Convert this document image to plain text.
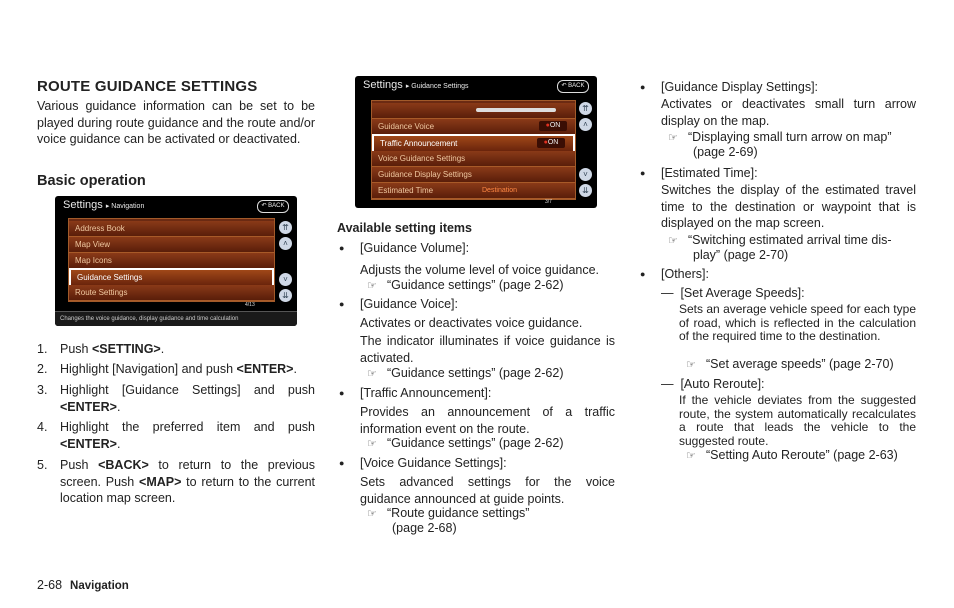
ROUTE GUIDANCE SETTINGS

Various guidance information can be set to be played during route guidance and the route and/or voice guidance can be activated or deactivated.

Basic operation
Settings ▸ Navigation	↶ BACK
Address Book
Map View
Map Icons
Guidance Settings
Route Settings
⇈
˄
˅
⇊
4/13
Changes the voice guidance, display guidance and time calculation
1. Push <SETTING>.
2. Highlight [Navigation] and push <ENTER>.
3. Highlight [Guidance Settings] and push <ENTER>.
4. Highlight the preferred item and push <ENTER>.
5. Push <BACK> to return to the previous screen. Push <MAP> to return to the current location map screen.
Settings ▸ Guidance Settings	↶ BACK
Guidance Voice	● ON
Traffic Announcement	● ON
Voice Guidance Settings
Guidance Display Settings
Estimated Time	Destination
⇈
˄
˅
⇊
3/7
Available setting items
● [Guidance Volume]:

Adjusts the volume level of voice guidance.

☞ “Guidance settings” (page 2-62)
● [Guidance Voice]:

Activates or deactivates voice guidance.

The indicator illuminates if voice guidance is activated.

☞ “Guidance settings” (page 2-62)
● [Traffic Announcement]:

Provides an announcement of a traffic information event on the route.

☞ “Guidance settings” (page 2-62)
● [Voice Guidance Settings]:

Sets advanced settings for the voice guidance announced at guide points.

☞ “Route guidance settings”
(page 2-68)
● [Guidance Display Settings]:

Activates or deactivates small turn arrow display on the map.

☞ “Displaying small turn arrow on map”
(page 2-69)
● [Estimated Time]:

Switches the display of the estimated travel time to the destination or waypoint that is displayed on the map screen.

☞ “Switching estimated arrival time dis-
play” (page 2-70)
● [Others]:
—  [Set Average Speeds]:

Sets an average vehicle speed for each type of road, which is reflected in the calculation of the required time to the destination.

☞ “Set average speeds” (page 2-70)
—  [Auto Reroute]:

If the vehicle deviates from the suggested route, the system automatically recalculates a route that leads the vehicle to the suggested route.

☞ “Setting Auto Reroute” (page 2-63)
2-68 Navigation
